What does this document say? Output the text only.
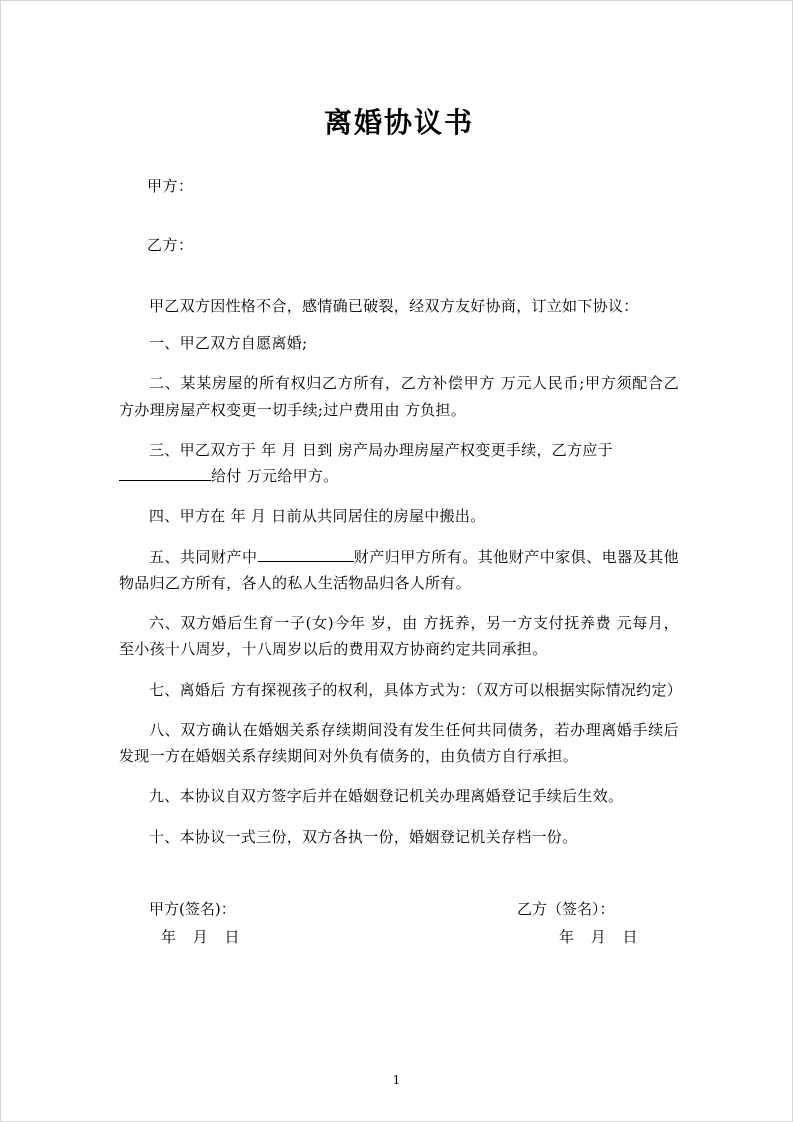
离婚协议书
甲方：
乙方：
甲乙双方因性格不合，感情确已破裂，经双方友好协商，订立如下协议：
一、甲乙双方自愿离婚;
二、某某房屋的所有权归乙方所有，乙方补偿甲方 万元人民币;甲方须配合乙方办理房屋产权变更一切手续;过户费用由 方负担。
三、甲乙双方于 年 月 日到 房产局办理房屋产权变更手续，乙方应于
给付 万元给甲方。
四、甲方在 年 月 日前从共同居住的房屋中搬出。
五、共同财产中	财产归甲方所有。其他财产中家俱、电器及其他物品归乙方所有，各人的私人生活物品归各人所有。
六、双方婚后生育一子(女)今年 岁，由 方抚养，另一方支付抚养费 元每月，至小孩十八周岁，十八周岁以后的费用双方协商约定共同承担。
七、离婚后 方有探视孩子的权利，具体方式为：（双方可以根据实际情况约定）
八、双方确认在婚姻关系存续期间没有发生任何共同债务，若办理离婚手续后发现一方在婚姻关系存续期间对外负有债务的，由负债方自行承担。
九、本协议自双方签字后并在婚姻登记机关办理离婚登记手续后生效。
十、本协议一式三份，双方各执一份，婚姻登记机关存档一份。
甲方(签名)：	乙方（签名）：
年 月 日	年 月 日
1
